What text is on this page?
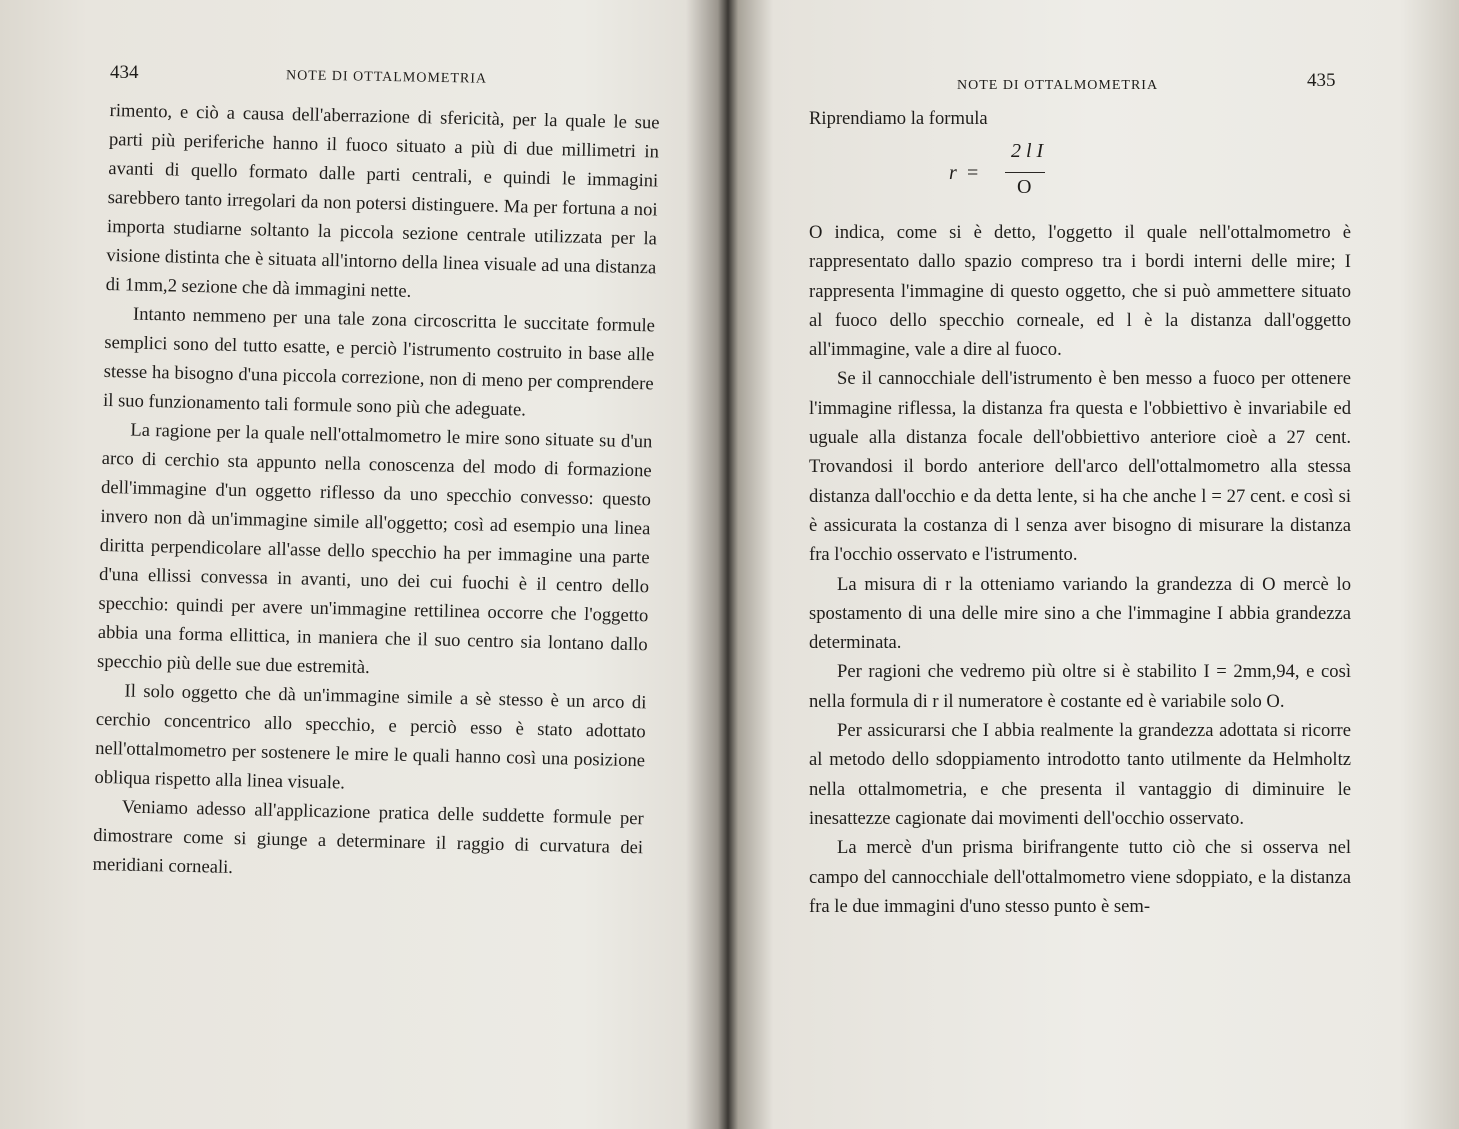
434	NOTE DI OTTALMOMETRIA

rimento, e ciò a causa dell'aberrazione di sfericità, per la quale le sue parti più periferiche hanno il fuoco situato a più di due millimetri in avanti di quello formato dalle parti centrali, e quindi le immagini sarebbero tanto irregolari da non potersi distinguere. Ma per fortuna a noi importa studiarne soltanto la piccola sezione centrale utilizzata per la visione distinta che è situata all'intorno della linea visuale ad una distanza di 1mm,2 sezione che dà immagini nette.

Intanto nemmeno per una tale zona circoscritta le succitate formule semplici sono del tutto esatte, e perciò l'istrumento costruito in base alle stesse ha bisogno d'una piccola correzione, non di meno per comprendere il suo funzionamento tali formule sono più che adeguate.

La ragione per la quale nell'ottalmometro le mire sono situate su d'un arco di cerchio sta appunto nella conoscenza del modo di formazione dell'immagine d'un oggetto riflesso da uno specchio convesso: questo invero non dà un'immagine simile all'oggetto; così ad esempio una linea diritta perpendicolare all'asse dello specchio ha per immagine una parte d'una ellissi convessa in avanti, uno dei cui fuochi è il centro dello specchio: quindi per avere un'immagine rettilinea occorre che l'oggetto abbia una forma ellittica, in maniera che il suo centro sia lontano dallo specchio più delle sue due estremità.

Il solo oggetto che dà un'immagine simile a sè stesso è un arco di cerchio concentrico allo specchio, e perciò esso è stato adottato nell'ottalmometro per sostenere le mire le quali hanno così una posizione obliqua rispetto alla linea visuale.

Veniamo adesso all'applicazione pratica delle suddette formule per dimostrare come si giunge a determinare il raggio di curvatura dei meridiani corneali.

NOTE DI OTTALMOMETRIA	435

Riprendiamo la formula

r =
2 l I
O

O indica, come si è detto, l'oggetto il quale nell'ottalmometro è rappresentato dallo spazio compreso tra i bordi interni delle mire; I rappresenta l'immagine di questo oggetto, che si può ammettere situato al fuoco dello specchio corneale, ed l è la distanza dall'oggetto all'immagine, vale a dire al fuoco.

Se il cannocchiale dell'istrumento è ben messo a fuoco per ottenere l'immagine riflessa, la distanza fra questa e l'obbiettivo è invariabile ed uguale alla distanza focale dell'obbiettivo anteriore cioè a 27 cent. Trovandosi il bordo anteriore dell'arco dell'ottalmometro alla stessa distanza dall'occhio e da detta lente, si ha che anche l = 27 cent. e così si è assicurata la costanza di l senza aver bisogno di misurare la distanza fra l'occhio osservato e l'istrumento.

La misura di r la otteniamo variando la grandezza di O mercè lo spostamento di una delle mire sino a che l'immagine I abbia grandezza determinata.

Per ragioni che vedremo più oltre si è stabilito I = 2mm,94, e così nella formula di r il numeratore è costante ed è variabile solo O.

Per assicurarsi che I abbia realmente la grandezza adottata si ricorre al metodo dello sdoppiamento introdotto tanto utilmente da Helmholtz nella ottalmometria, e che presenta il vantaggio di diminuire le inesattezze cagionate dai movimenti dell'occhio osservato.

La mercè d'un prisma birifrangente tutto ciò che si osserva nel campo del cannocchiale dell'ottalmometro viene sdoppiato, e la distanza fra le due immagini d'uno stesso punto è sem-
